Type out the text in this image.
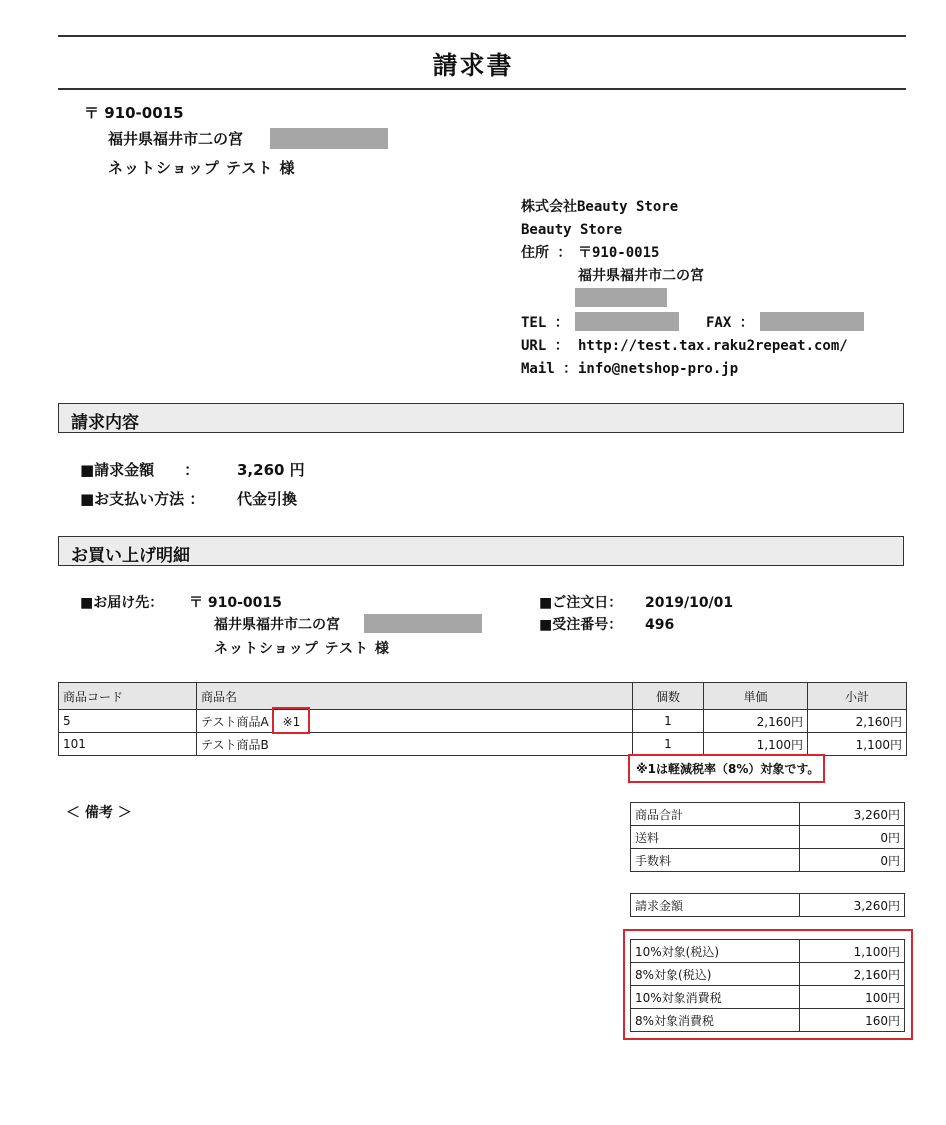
請求書
〒 910-0015
福井県福井市二の宮
ネットショップ テスト 様
株式会社Beauty Store
Beauty Store
住所 ： 〒910-0015
福井県福井市二の宮
TEL ：	FAX ：
URL ： http://test.tax.raku2repeat.com/
Mail ： info@netshop-pro.jp
請求内容
■請求金額　　：	3,260 円
■お支払い方法 ： 代金引換
お買い上げ明細
■お届け先： 〒 910-0015
福井県福井市二の宮
ネットショップ テスト 様
■ご注文日： 2019/10/01
■受注番号： 496
商品コード	商品名	個数	単価	小計
5	テスト商品A ※1	1	2,160円	2,160円
101	テスト商品B	1	1,100円	1,100円
※1は軽減税率（8%）対象です。
＜ 備考 ＞	商品合計	3,260円
送料	0円
手数料	0円
請求金額	3,260円
10%対象(税込)	1,100円
8%対象(税込)	2,160円
10%対象消費税	100円
8%対象消費税	160円
